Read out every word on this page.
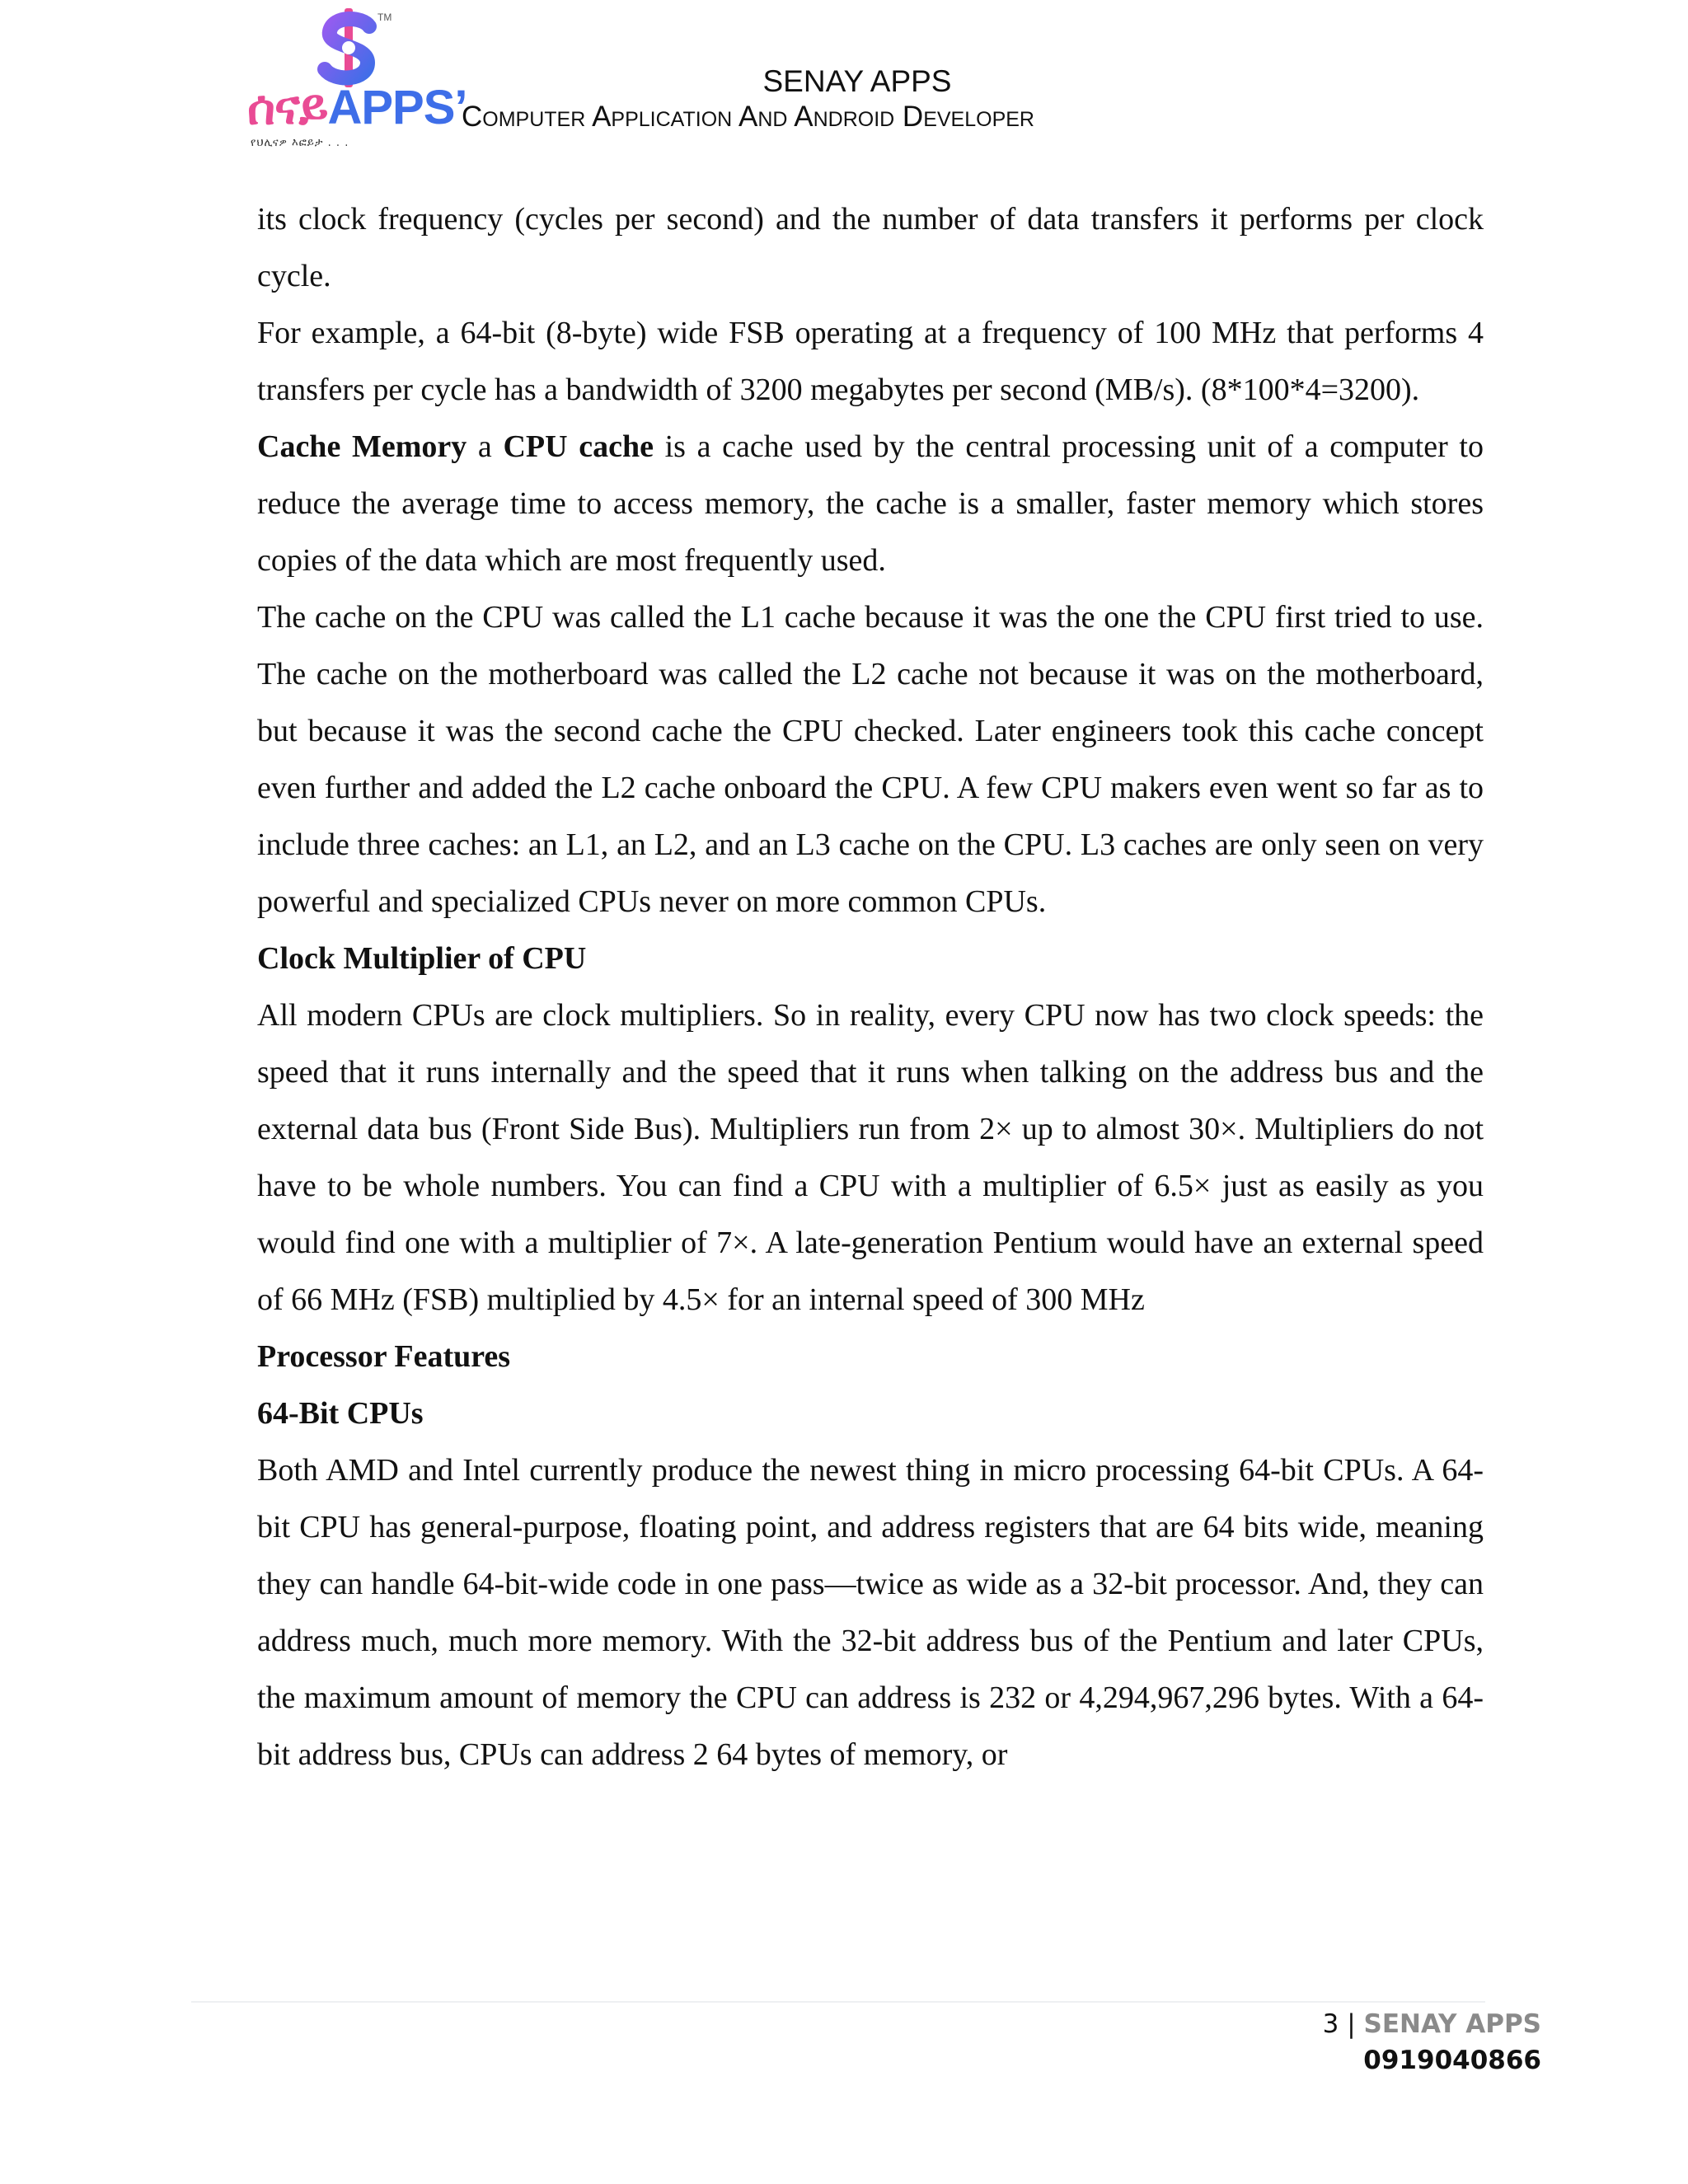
TM
ሰናይAPPS’
የህሊናዎ እፎይታ . . .
SENAY APPS
Computer Application And Android Developer

its clock frequency (cycles per second) and the number of data transfers it performs per clock cycle.

For example, a 64-bit (8-byte) wide FSB operating at a frequency of 100 MHz that performs 4 transfers per cycle has a bandwidth of 3200 megabytes per second (MB/s). (8*100*4=3200).

Cache Memory a CPU cache is a cache used by the central processing unit of a computer to reduce the average time to access memory, the cache is a smaller, faster memory which stores copies of the data which are most frequently used.

The cache on the CPU was called the L1 cache because it was the one the CPU first tried to use. The cache on the motherboard was called the L2 cache not because it was on the motherboard, but because it was the second cache the CPU checked. Later engineers took this cache concept even further and added the L2 cache onboard the CPU. A few CPU makers even went so far as to include three caches: an L1, an L2, and an L3 cache on the CPU. L3 caches are only seen on very powerful and specialized CPUs never on more common CPUs.

Clock Multiplier of CPU

All modern CPUs are clock multipliers. So in reality, every CPU now has two clock speeds: the speed that it runs internally and the speed that it runs when talking on the address bus and the external data bus (Front Side Bus). Multipliers run from 2× up to almost 30×. Multipliers do not have to be whole numbers. You can find a CPU with a multiplier of 6.5× just as easily as you would find one with a multiplier of 7×. A late-generation Pentium would have an external speed of 66 MHz (FSB) multiplied by 4.5× for an internal speed of 300 MHz

Processor Features

64-Bit CPUs

Both AMD and Intel currently produce the newest thing in micro processing 64-bit CPUs. A 64-bit CPU has general-purpose, floating point, and address registers that are 64 bits wide, meaning they can handle 64-bit-wide code in one pass—twice as wide as a 32-bit processor. And, they can address much, much more memory. With the 32-bit address bus of the Pentium and later CPUs, the maximum amount of memory the CPU can address is 232 or 4,294,967,296 bytes. With a 64-bit address bus, CPUs can address 2 64 bytes of memory, or

3 | SENAY APPS
0919040866
